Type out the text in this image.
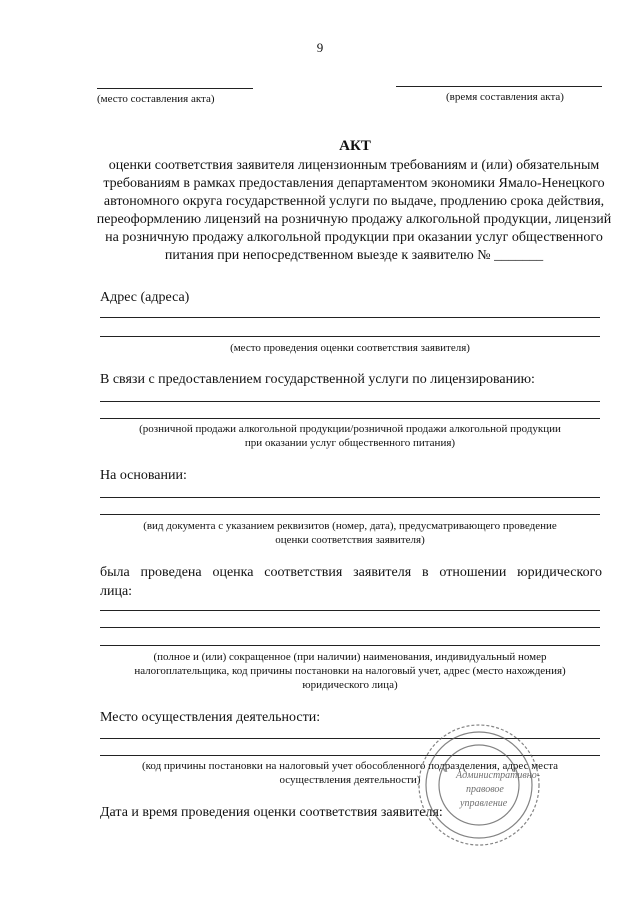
9
(место составления акта)	(время составления акта)
АКТ
оценки соответствия заявителя лицензионным требованиям и (или) обязательным требованиям в рамках предоставления департаментом экономики Ямало-Ненецкого автономного округа государственной услуги по выдаче, продлению срока действия, переоформлению лицензий на розничную продажу алкогольной продукции, лицензий на розничную продажу алкогольной продукции при оказании услуг общественного питания при непосредственном выезде к заявителю № _______
Адрес (адреса)
(место проведения оценки соответствия заявителя)
В связи с предоставлением государственной услуги по лицензированию:
(розничной продажи алкогольной продукции/розничной продажи алкогольной продукции
при оказании услуг общественного питания)
На основании:
(вид документа с указанием реквизитов (номер, дата), предусматривающего проведение
оценки соответствия заявителя)
была проведена оценка соответствия заявителя в отношении юридического
лица:
(полное и (или) сокращенное (при наличии) наименования, индивидуальный номер
налогоплательщика, код причины постановки на налоговый учет, адрес (место нахождения)
юридического лица)
Место осуществления деятельности:
(код причины постановки на налоговый учет обособленного подразделения, адрес места
осуществления деятельности)
Дата и время проведения оценки соответствия заявителя:
Административно-
правовое
управление
